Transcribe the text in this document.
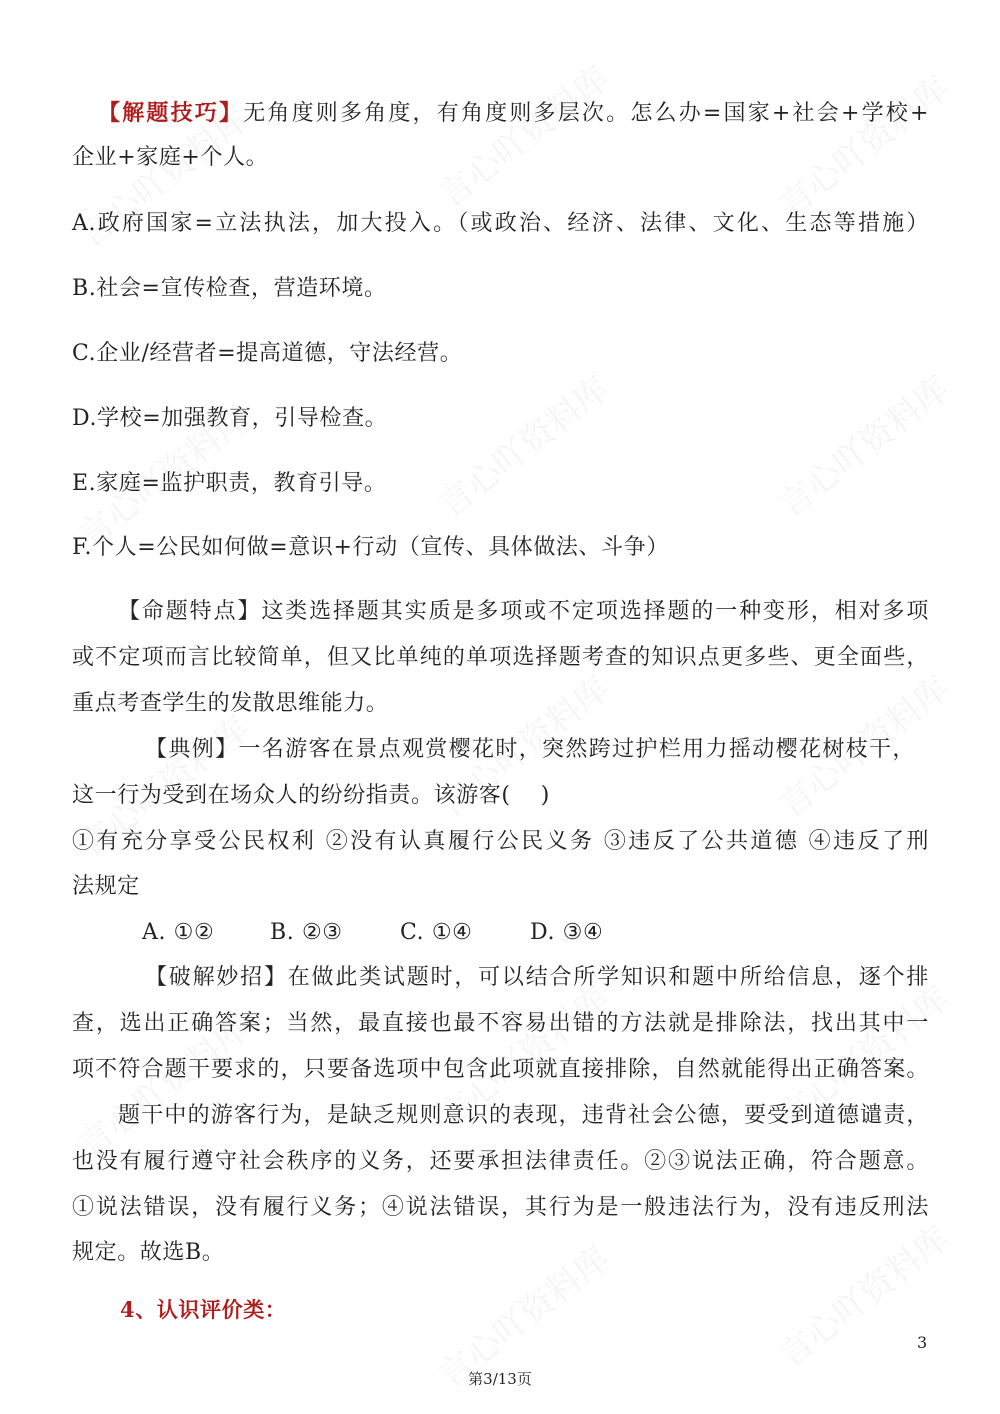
【解题技巧】无角度则多角度，有角度则多层次。怎么办=国家+社会+学校+
企业+家庭+个人。
A.政府国家=立法执法，加大投入。（或政治、经济、法律、文化、生态等措施）
B.社会=宣传检查，营造环境。
C.企业/经营者=提高道德，守法经营。
D.学校=加强教育，引导检查。
E.家庭=监护职责，教育引导。
F.个人=公民如何做=意识+行动（宣传、具体做法、斗争）
【命题特点】这类选择题其实质是多项或不定项选择题的一种变形，相对多项
或不定项而言比较简单，但又比单纯的单项选择题考查的知识点更多些、更全面些，
重点考查学生的发散思维能力。
【典例】一名游客在景点观赏樱花时，突然跨过护栏用力摇动樱花树枝干，
这一行为受到在场众人的纷纷指责。该游客(　 )
①有充分享受公民权利 ②没有认真履行公民义务 ③违反了公共道德 ④违反了刑
法规定
A. ①②	B. ②③	C. ①④	D. ③④
【破解妙招】在做此类试题时，可以结合所学知识和题中所给信息，逐个排
查，选出正确答案；当然，最直接也最不容易出错的方法就是排除法，找出其中一
项不符合题干要求的，只要备选项中包含此项就直接排除，自然就能得出正确答案。
题干中的游客行为，是缺乏规则意识的表现，违背社会公德，要受到道德谴责，
也没有履行遵守社会秩序的义务，还要承担法律责任。②③说法正确，符合题意。
①说法错误，没有履行义务；④说法错误，其行为是一般违法行为，没有违反刑法
规定。故选B。
4、认识评价类：
3
第3/13页
